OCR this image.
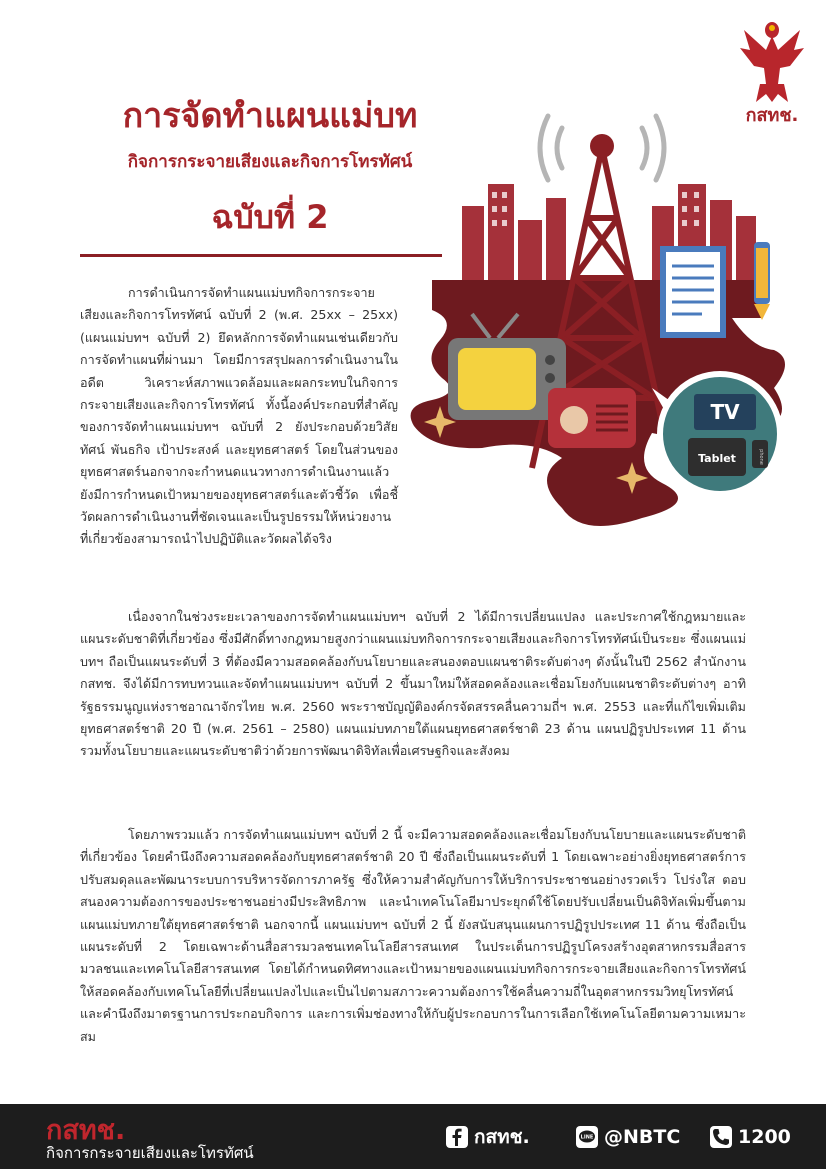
กสทช.
การจัดทำแผนแม่บท
กิจการกระจายเสียงและกิจการโทรทัศน์
ฉบับที่ 2
TV
Tablet	phone

การดำเนินการจัดทำแผนแม่บทกิจการกระจายเสียงและกิจการโทรทัศน์ ฉบับที่ 2 (พ.ศ. 25xx – 25xx) (แผนแม่บทฯ ฉบับที่ 2) ยึดหลักการจัดทำแผนเช่นเดียวกับการจัดทำแผนที่ผ่านมา โดยมีการสรุปผลการดำเนินงานในอดีต วิเคราะห์สภาพแวดล้อมและผลกระทบในกิจการกระจายเสียงและกิจการโทรทัศน์ ทั้งนี้องค์ประกอบที่สำคัญของการจัดทำแผนแม่บทฯ ฉบับที่ 2 ยังประกอบด้วยวิสัยทัศน์ พันธกิจ เป้าประสงค์ และยุทธศาสตร์ โดยในส่วนของยุทธศาสตร์นอกจากจะกำหนดแนวทางการดำเนินงานแล้ว ยังมีการกำหนดเป้าหมายของยุทธศาสตร์และตัวชี้วัด เพื่อชี้วัดผลการดำเนินงานที่ชัดเจนและเป็นรูปธรรมให้หน่วยงานที่เกี่ยวข้องสามารถนำไปปฏิบัติและวัดผลได้จริง

เนื่องจากในช่วงระยะเวลาของการจัดทำแผนแม่บทฯ ฉบับที่ 2 ได้มีการเปลี่ยนแปลง และประกาศใช้กฎหมายและแผนระดับชาติที่เกี่ยวข้อง ซึ่งมีศักดิ์ทางกฎหมายสูงกว่าแผนแม่บทกิจการกระจายเสียงและกิจการโทรทัศน์เป็นระยะ ซึ่งแผนแม่บทฯ ถือเป็นแผนระดับที่ 3 ที่ต้องมีความสอดคล้องกับนโยบายและสนองตอบแผนชาติระดับต่างๆ ดังนั้นในปี 2562 สำนักงาน กสทช. จึงได้มีการทบทวนและจัดทำแผนแม่บทฯ ฉบับที่ 2 ขึ้นมาใหม่ให้สอดคล้องและเชื่อมโยงกับแผนชาติระดับต่างๆ อาทิ รัฐธรรมนูญแห่งราชอาณาจักรไทย พ.ศ. 2560 พระราชบัญญัติองค์กรจัดสรรคลื่นความถี่ฯ พ.ศ. 2553 และที่แก้ไขเพิ่มเติม ยุทธศาสตร์ชาติ 20 ปี (พ.ศ. 2561 – 2580) แผนแม่บทภายใต้แผนยุทธศาสตร์ชาติ 23 ด้าน แผนปฏิรูปประเทศ 11 ด้าน รวมทั้งนโยบายและแผนระดับชาติว่าด้วยการพัฒนาดิจิทัลเพื่อเศรษฐกิจและสังคม

โดยภาพรวมแล้ว การจัดทำแผนแม่บทฯ ฉบับที่ 2 นี้ จะมีความสอดคล้องและเชื่อมโยงกับนโยบายและแผนระดับชาติที่เกี่ยวข้อง โดยคำนึงถึงความสอดคล้องกับยุทธศาสตร์ชาติ 20 ปี ซึ่งถือเป็นแผนระดับที่ 1 โดยเฉพาะอย่างยิ่งยุทธศาสตร์การปรับสมดุลและพัฒนาระบบการบริหารจัดการภาครัฐ ซึ่งให้ความสำคัญกับการให้บริการประชาชนอย่างรวดเร็ว โปร่งใส ตอบสนองความต้องการของประชาชนอย่างมีประสิทธิภาพ และนำเทคโนโลยีมาประยุกต์ใช้โดยปรับเปลี่ยนเป็นดิจิทัลเพิ่มขึ้นตามแผนแม่บทภายใต้ยุทธศาสตร์ชาติ นอกจากนี้ แผนแม่บทฯ ฉบับที่ 2 นี้ ยังสนับสนุนแผนการปฏิรูปประเทศ 11 ด้าน ซึ่งถือเป็นแผนระดับที่ 2 โดยเฉพาะด้านสื่อสารมวลชนเทคโนโลยีสารสนเทศ ในประเด็นการปฏิรูปโครงสร้างอุตสาหกรรมสื่อสารมวลชนและเทคโนโลยีสารสนเทศ โดยได้กำหนดทิศทางและเป้าหมายของแผนแม่บทกิจการกระจายเสียงและกิจการโทรทัศน์ ให้สอดคล้องกับเทคโนโลยีที่เปลี่ยนแปลงไปและเป็นไปตามสภาวะความต้องการใช้คลื่นความถี่ในอุตสาหกรรมวิทยุโทรทัศน์ และคำนึงถึงมาตรฐานการประกอบกิจการ และการเพิ่มช่องทางให้กับผู้ประกอบการในการเลือกใช้เทคโนโลยีตามความเหมาะสม

กสทช.
กิจการกระจายเสียงและโทรทัศน์
กสทช.	LINE @NBTC	1200
